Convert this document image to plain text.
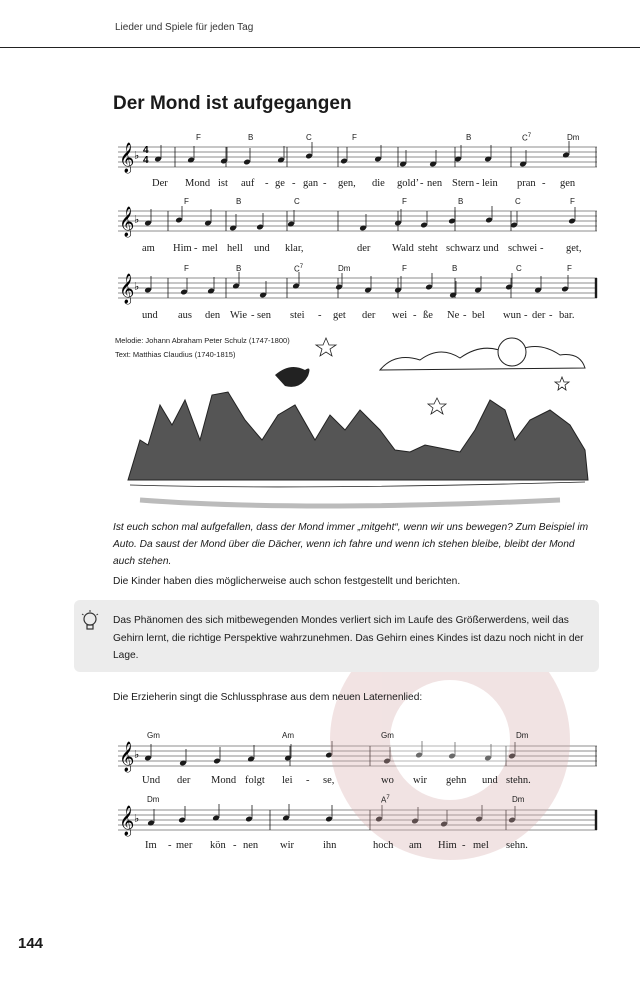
Lieder und Spiele für jeden Tag
Der Mond ist aufgegangen
𝄞 ♭
𝄞 ♭
𝄞 ♭
𝄞 ♭
𝄞 ♭
4
4
F	B	C	F	B	$C^7$	Dm
F	B	C	F	B	C	F
F	B	$C^7$	Dm	F	B	C	F
Gm	Am	Gm	Dm
Dm	$A^7$	Dm
Der Mond ist auf - ge - gan - gen, die goldʼ - nen Stern - lein pran - gen
am Him - mel hell und klar,	der Wald steht schwarz und schwei - get,
und aus den Wie - sen stei - get der wei - ße Ne - bel wun - der - bar.
Und der Mond folgt lei - se,	wo wir gehn und stehn.
Im - mer kön - nen wir	ihn	hoch am Him - mel sehn.
Melodie: Johann Abraham Peter Schulz (1747-1800)
Text: Matthias Claudius (1740-1815)
Ist euch schon mal aufgefallen, dass der Mond immer „mitgeht“, wenn wir uns bewegen? Zum Beispiel im Auto. Da saust der Mond über die Dächer, wenn ich fahre und wenn ich stehen bleibe, bleibt der Mond auch stehen.
Die Kinder haben dies möglicherweise auch schon festgestellt und berichten.
Das Phänomen des sich mitbewegenden Mondes verliert sich im Laufe des Größerwerdens, weil das Gehirn lernt, die richtige Perspektive wahrzunehmen. Das Gehirn eines Kindes ist dazu noch nicht in der Lage.
Die Erzieherin singt die Schlussphrase aus dem neuen Laternenlied:
144
